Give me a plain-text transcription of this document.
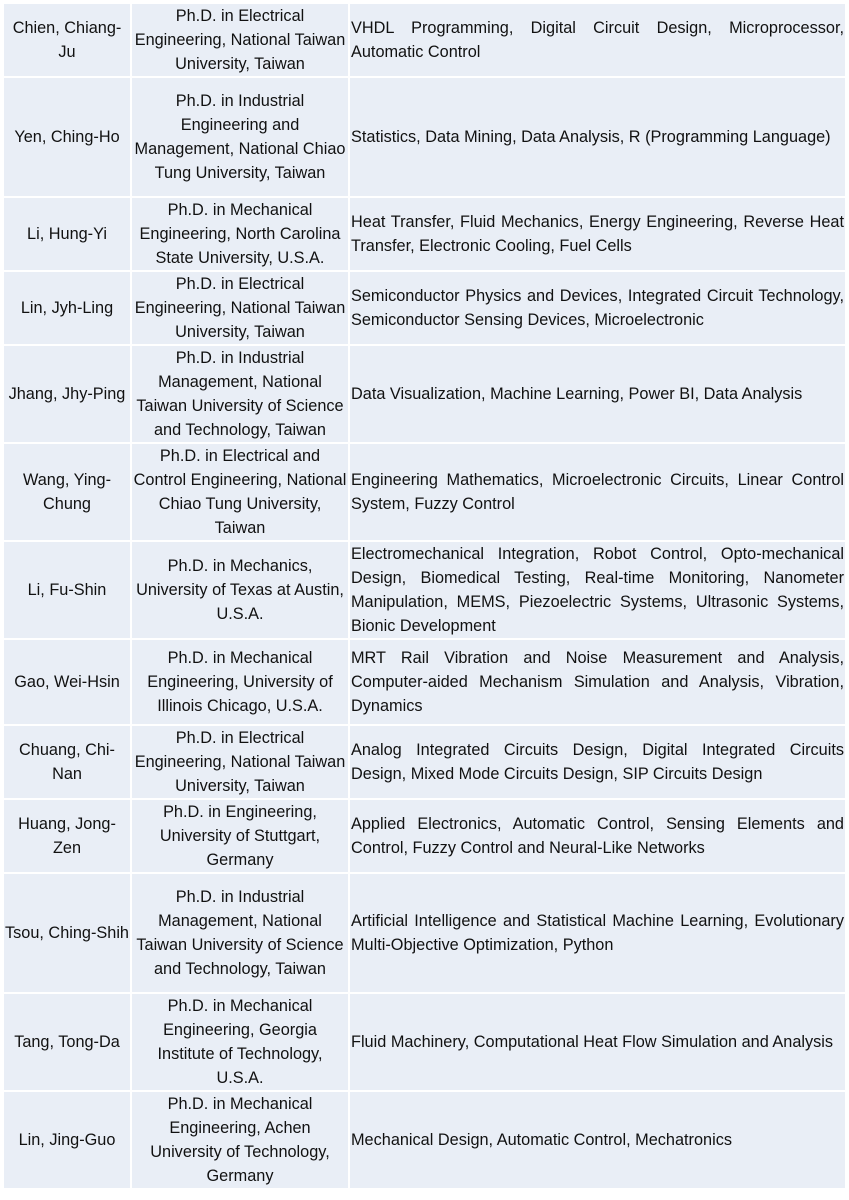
Chien, Chiang-Ju	Ph.D. in Electrical Engineering, National Taiwan University, Taiwan	VHDL Programming, Digital Circuit Design, Microprocessor, Automatic Control
Yen, Ching-Ho	Ph.D. in Industrial Engineering and Management, National Chiao Tung University, Taiwan	Statistics, Data Mining, Data Analysis, R (Programming Language)
Li, Hung-Yi	Ph.D. in Mechanical Engineering, North Carolina State University, U.S.A.	Heat Transfer, Fluid Mechanics, Energy Engineering, Reverse Heat Transfer, Electronic Cooling, Fuel Cells
Lin, Jyh-Ling	Ph.D. in Electrical Engineering, National Taiwan University, Taiwan	Semiconductor Physics and Devices, Integrated Circuit Technology, Semiconductor Sensing Devices, Microelectronic
Jhang, Jhy-Ping	Ph.D. in Industrial Management, National Taiwan University of Science and Technology, Taiwan	Data Visualization, Machine Learning, Power BI, Data Analysis
Wang, Ying-Chung	Ph.D. in Electrical and Control Engineering, National Chiao Tung University, Taiwan	Engineering Mathematics, Microelectronic Circuits, Linear Control System, Fuzzy Control
Li, Fu-Shin	Ph.D. in Mechanics, University of Texas at Austin, U.S.A.	Electromechanical Integration, Robot Control, Opto-mechanical Design, Biomedical Testing, Real-time Monitoring, Nanometer Manipulation, MEMS, Piezoelectric Systems, Ultrasonic Systems, Bionic Development
Gao, Wei-Hsin	Ph.D. in Mechanical Engineering, University of Illinois Chicago, U.S.A.	MRT Rail Vibration and Noise Measurement and Analysis, Computer-aided Mechanism Simulation and Analysis, Vibration, Dynamics
Chuang, Chi-Nan	Ph.D. in Electrical Engineering, National Taiwan University, Taiwan	Analog Integrated Circuits Design, Digital Integrated Circuits Design, Mixed Mode Circuits Design, SIP Circuits Design
Huang, Jong-Zen	Ph.D. in Engineering, University of Stuttgart, Germany	Applied Electronics, Automatic Control, Sensing Elements and Control, Fuzzy Control and Neural-Like Networks
Tsou, Ching-Shih	Ph.D. in Industrial Management, National Taiwan University of Science and Technology, Taiwan	Artificial Intelligence and Statistical Machine Learning, Evolutionary Multi-Objective Optimization, Python
Tang, Tong-Da	Ph.D. in Mechanical Engineering, Georgia Institute of Technology, U.S.A.	Fluid Machinery, Computational Heat Flow Simulation and Analysis
Lin, Jing-Guo	Ph.D. in Mechanical Engineering, Achen University of Technology, Germany	Mechanical Design, Automatic Control, Mechatronics
